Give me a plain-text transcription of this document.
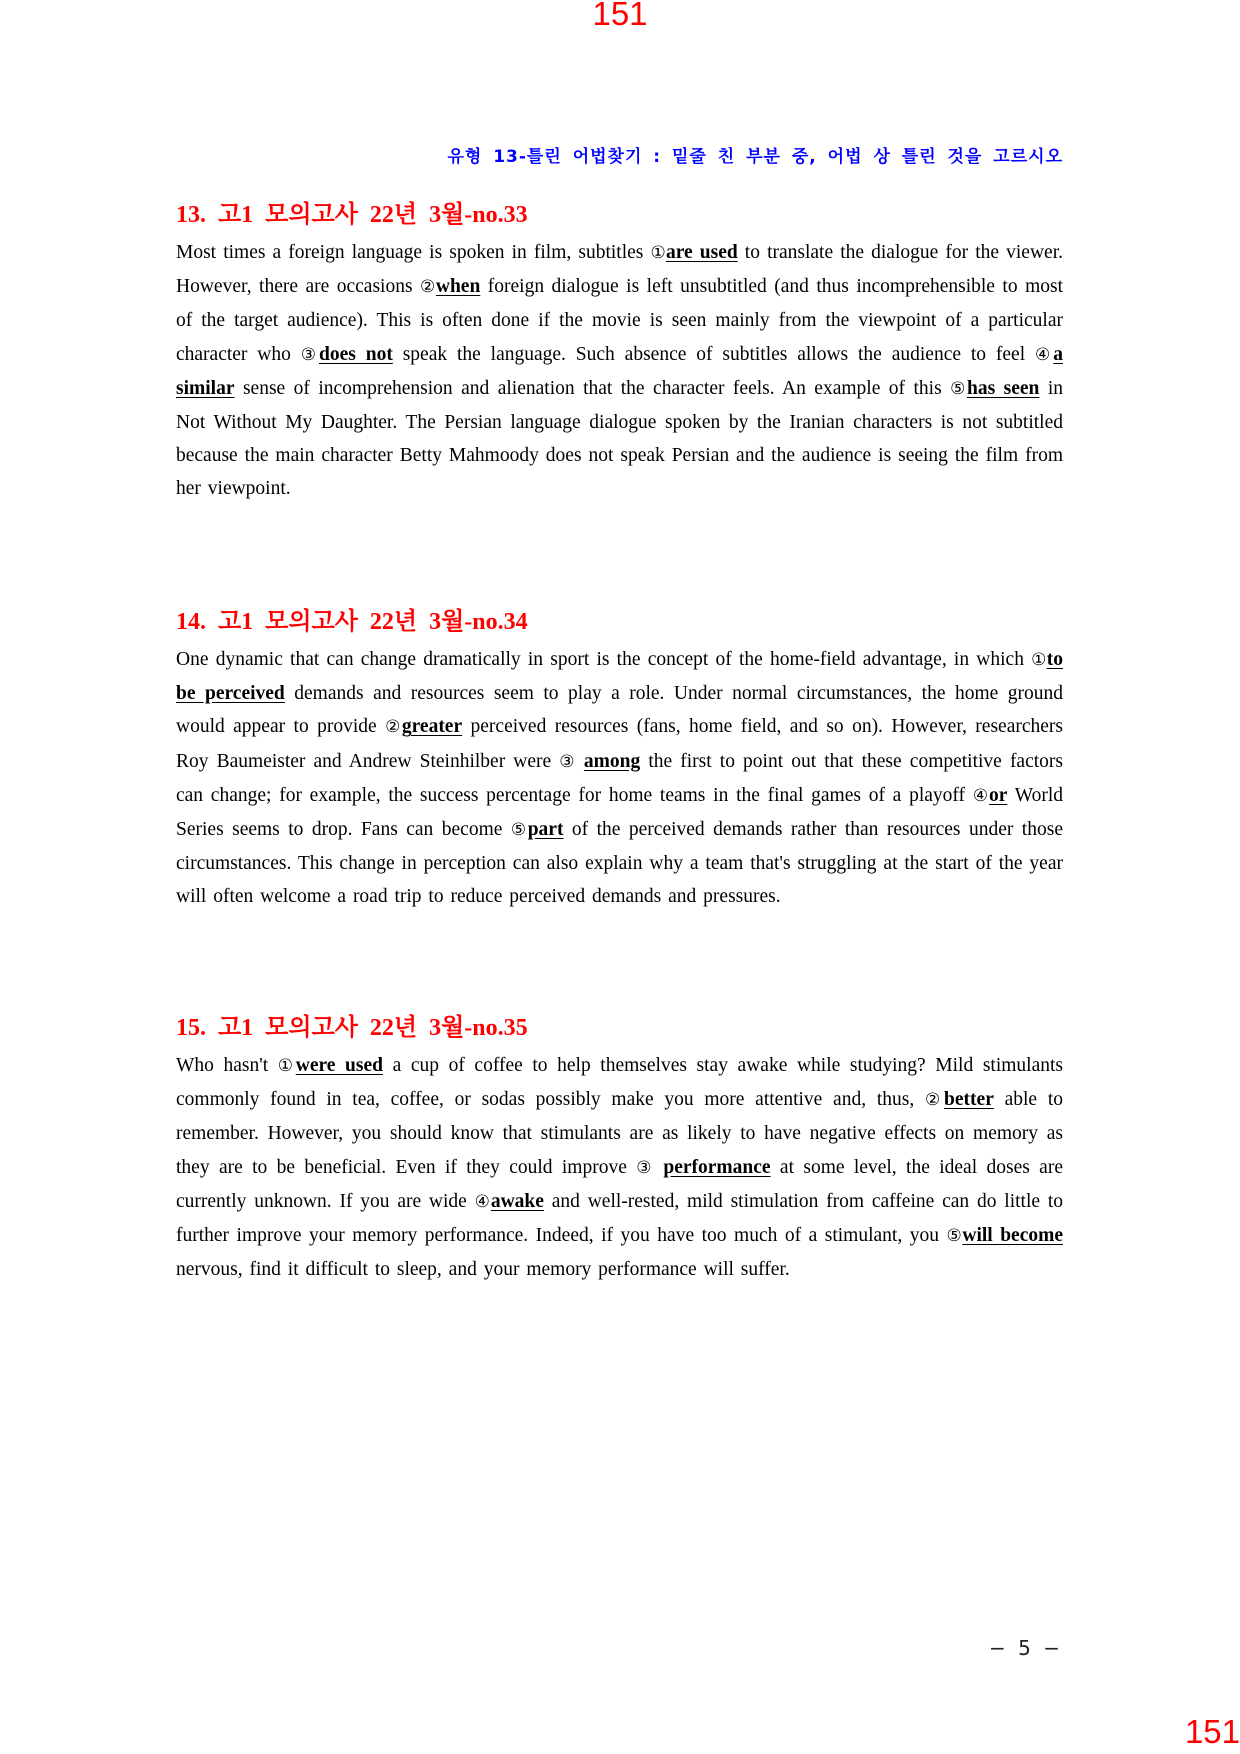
151
유형 13-틀린 어법찾기 : 밑줄 친 부분 중, 어법 상 틀린 것을 고르시오
13. 고1 모의고사 22년 3월-no.33

Most times a foreign language is spoken in film, subtitles ①are used to translate the dialogue for the viewer. However, there are occasions ②when foreign dialogue is left unsubtitled (and thus incomprehensible to most of the target audience). This is often done if the movie is seen mainly from the viewpoint of a particular character who ③does not speak the language. Such absence of subtitles allows the audience to feel ④a similar sense of incomprehension and alienation that the character feels. An example of this ⑤has seen in Not Without My Daughter. The Persian language dialogue spoken by the Iranian characters is not subtitled because the main character Betty Mahmoody does not speak Persian and the audience is seeing the film from her viewpoint.

14. 고1 모의고사 22년 3월-no.34

One dynamic that can change dramatically in sport is the concept of the home-field advantage, in which ①to be perceived demands and resources seem to play a role. Under normal circumstances, the home ground would appear to provide ②greater perceived resources (fans, home field, and so on). However, researchers Roy Baumeister and Andrew Steinhilber were ③ among the first to point out that these competitive factors can change; for example, the success percentage for home teams in the final games of a playoff ④or World Series seems to drop. Fans can become ⑤part of the perceived demands rather than resources under those circumstances. This change in perception can also explain why a team that's struggling at the start of the year will often welcome a road trip to reduce perceived demands and pressures.

15. 고1 모의고사 22년 3월-no.35

Who hasn't ①were used a cup of coffee to help themselves stay awake while studying? Mild stimulants commonly found in tea, coffee, or sodas possibly make you more attentive and, thus, ②better able to remember. However, you should know that stimulants are as likely to have negative effects on memory as they are to be beneficial. Even if they could improve ③ performance at some level, the ideal doses are currently unknown. If you are wide ④awake and well-rested, mild stimulation from caffeine can do little to further improve your memory performance. Indeed, if you have too much of a stimulant, you ⑤will become nervous, find it difficult to sleep, and your memory performance will suffer.

− 5 −
151
